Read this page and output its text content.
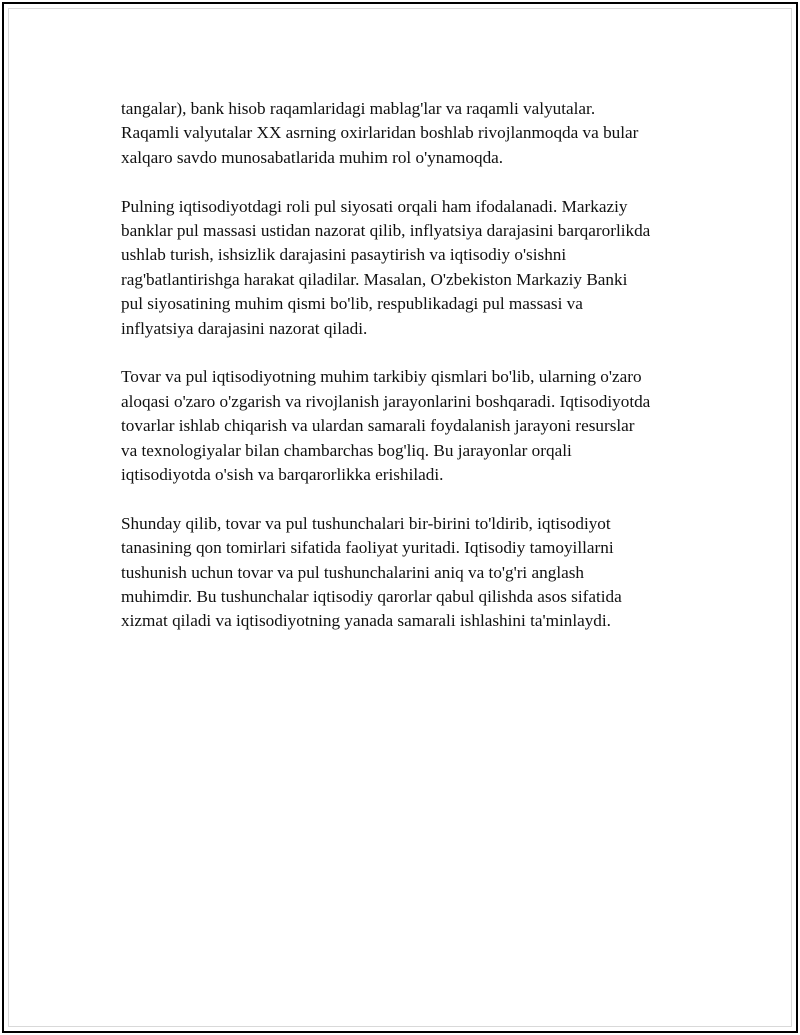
tangalar), bank hisob raqamlaridagi mablag'lar va raqamli valyutalar.
Raqamli valyutalar XX asrning oxirlaridan boshlab rivojlanmoqda va bular
xalqaro savdo munosabatlarida muhim rol o'ynamoqda.

Pulning iqtisodiyotdagi roli pul siyosati orqali ham ifodalanadi. Markaziy
banklar pul massasi ustidan nazorat qilib, inflyatsiya darajasini barqarorlikda
ushlab turish, ishsizlik darajasini pasaytirish va iqtisodiy o'sishni
rag'batlantirishga harakat qiladilar. Masalan, O'zbekiston Markaziy Banki
pul siyosatining muhim qismi bo'lib, respublikadagi pul massasi va
inflyatsiya darajasini nazorat qiladi.

Tovar va pul iqtisodiyotning muhim tarkibiy qismlari bo'lib, ularning o'zaro
aloqasi o'zaro o'zgarish va rivojlanish jarayonlarini boshqaradi. Iqtisodiyotda
tovarlar ishlab chiqarish va ulardan samarali foydalanish jarayoni resurslar
va texnologiyalar bilan chambarchas bog'liq. Bu jarayonlar orqali
iqtisodiyotda o'sish va barqarorlikka erishiladi.

Shunday qilib, tovar va pul tushunchalari bir-birini to'ldirib, iqtisodiyot
tanasining qon tomirlari sifatida faoliyat yuritadi. Iqtisodiy tamoyillarni
tushunish uchun tovar va pul tushunchalarini aniq va to'g'ri anglash
muhimdir. Bu tushunchalar iqtisodiy qarorlar qabul qilishda asos sifatida
xizmat qiladi va iqtisodiyotning yanada samarali ishlashini ta'minlaydi.
